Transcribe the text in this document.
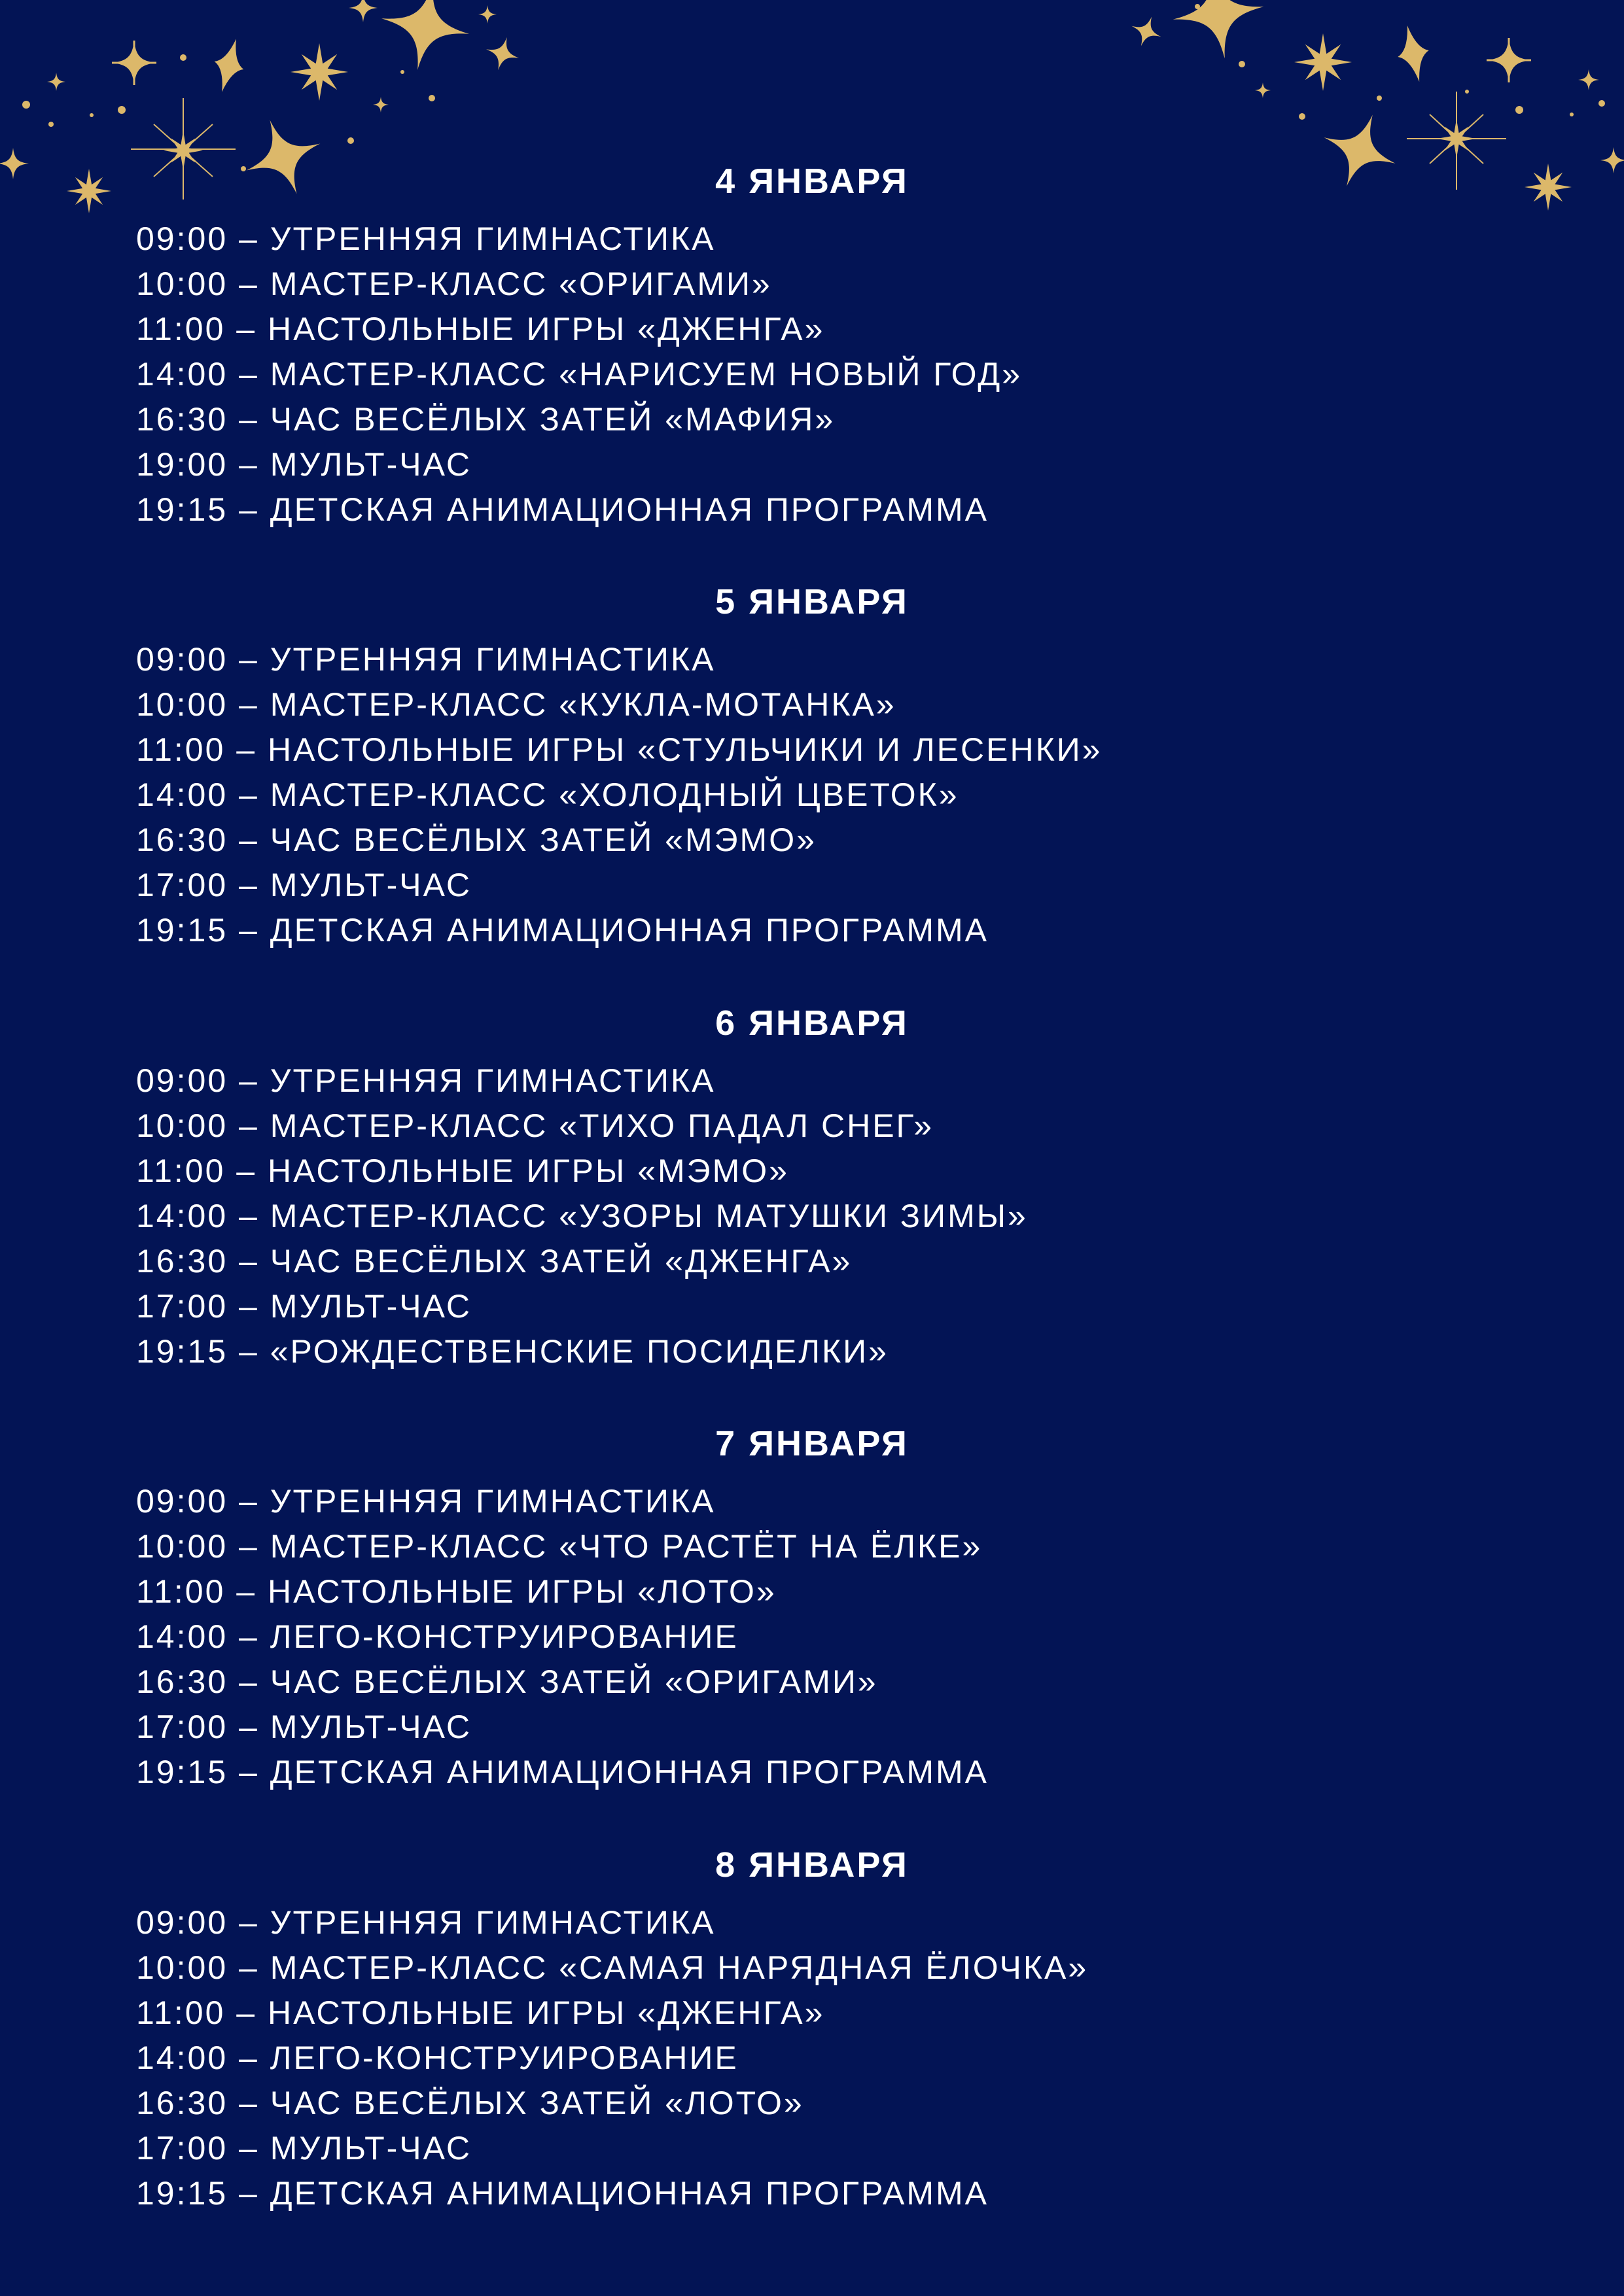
4 ЯНВАРЯ
09:00 – УТРЕННЯЯ ГИМНАСТИКА
10:00 – МАСТЕР-КЛАСС «ОРИГАМИ»
11:00 – НАСТОЛЬНЫЕ ИГРЫ «ДЖЕНГА»
14:00 – МАСТЕР-КЛАСС «НАРИСУЕМ НОВЫЙ ГОД»
16:30 – ЧАС ВЕСЁЛЫХ ЗАТЕЙ «МАФИЯ»
19:00 – МУЛЬТ-ЧАС
19:15 – ДЕТСКАЯ АНИМАЦИОННАЯ ПРОГРАММА
5 ЯНВАРЯ
09:00 – УТРЕННЯЯ ГИМНАСТИКА
10:00 – МАСТЕР-КЛАСС «КУКЛА-МОТАНКА»
11:00 – НАСТОЛЬНЫЕ ИГРЫ «СТУЛЬЧИКИ И ЛЕСЕНКИ»
14:00 – МАСТЕР-КЛАСС «ХОЛОДНЫЙ ЦВЕТОК»
16:30 – ЧАС ВЕСЁЛЫХ ЗАТЕЙ «МЭМО»
17:00 – МУЛЬТ-ЧАС
19:15 – ДЕТСКАЯ АНИМАЦИОННАЯ ПРОГРАММА
6 ЯНВАРЯ
09:00 – УТРЕННЯЯ ГИМНАСТИКА
10:00 – МАСТЕР-КЛАСС «ТИХО ПАДАЛ СНЕГ»
11:00 – НАСТОЛЬНЫЕ ИГРЫ «МЭМО»
14:00 – МАСТЕР-КЛАСС «УЗОРЫ МАТУШКИ ЗИМЫ»
16:30 – ЧАС ВЕСЁЛЫХ ЗАТЕЙ «ДЖЕНГА»
17:00 – МУЛЬТ-ЧАС
19:15 – «РОЖДЕСТВЕНСКИЕ ПОСИДЕЛКИ»
7 ЯНВАРЯ
09:00 – УТРЕННЯЯ ГИМНАСТИКА
10:00 – МАСТЕР-КЛАСС «ЧТО РАСТЁТ НА ЁЛКЕ»
11:00 – НАСТОЛЬНЫЕ ИГРЫ «ЛОТО»
14:00 – ЛЕГО-КОНСТРУИРОВАНИЕ
16:30 – ЧАС ВЕСЁЛЫХ ЗАТЕЙ «ОРИГАМИ»
17:00 – МУЛЬТ-ЧАС
19:15 – ДЕТСКАЯ АНИМАЦИОННАЯ ПРОГРАММА
8 ЯНВАРЯ
09:00 – УТРЕННЯЯ ГИМНАСТИКА
10:00 – МАСТЕР-КЛАСС «САМАЯ НАРЯДНАЯ ЁЛОЧКА»
11:00 – НАСТОЛЬНЫЕ ИГРЫ «ДЖЕНГА»
14:00 – ЛЕГО-КОНСТРУИРОВАНИЕ
16:30 – ЧАС ВЕСЁЛЫХ ЗАТЕЙ «ЛОТО»
17:00 – МУЛЬТ-ЧАС
19:15 – ДЕТСКАЯ АНИМАЦИОННАЯ ПРОГРАММА
